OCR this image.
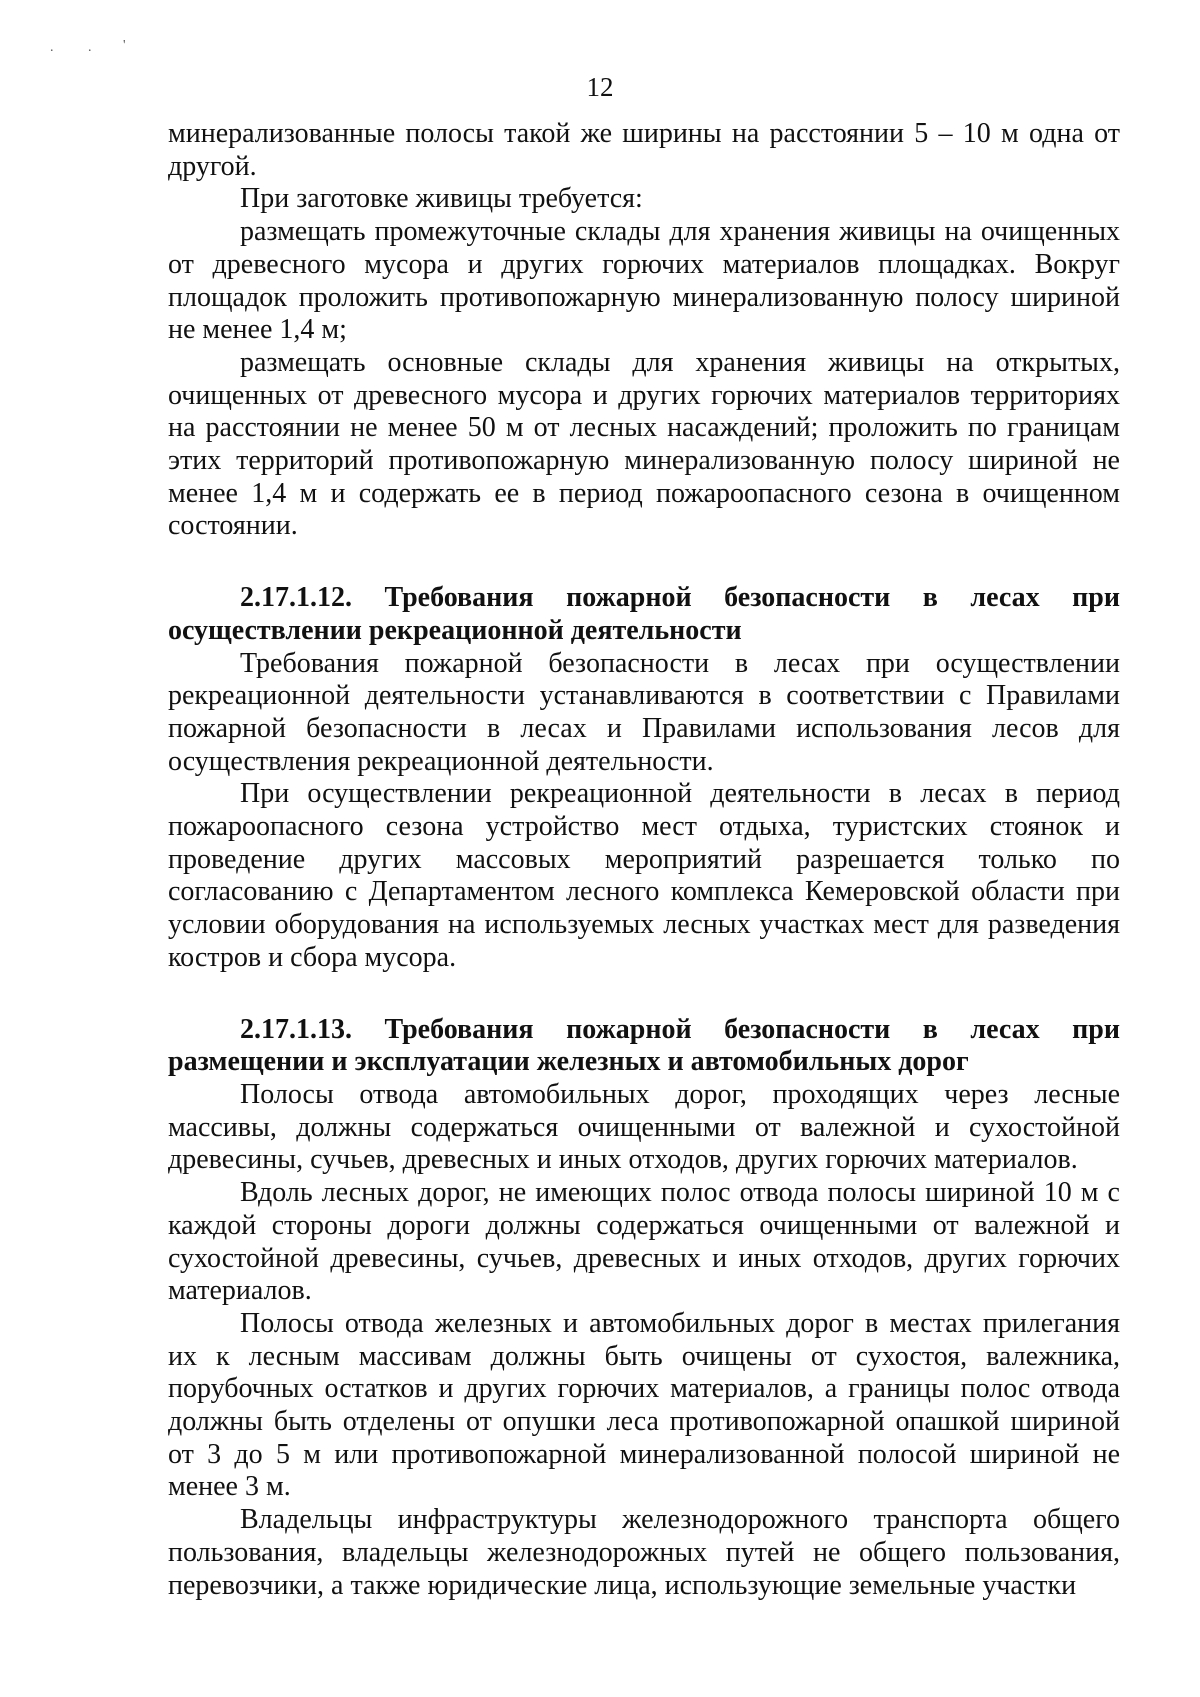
. . '
12

минерализованные полосы такой же ширины на расстоянии 5 – 10 м одна от другой.

При заготовке живицы требуется:

размещать промежуточные склады для хранения живицы на очищенных от древесного мусора и других горючих материалов площадках. Вокруг площадок проложить противопожарную минерализованную полосу шириной не менее 1,4 м;

размещать основные склады для хранения живицы на открытых, очищенных от древесного мусора и других горючих материалов территориях на расстоянии не менее 50 м от лесных насаждений; проложить по границам этих территорий противопожарную минерализованную полосу шириной не менее 1,4 м и содержать ее в период пожароопасного сезона в очищенном состоянии.

2.17.1.12. Требования пожарной безопасности в лесах при осуществлении рекреационной деятельности

Требования пожарной безопасности в лесах при осуществлении рекреационной деятельности устанавливаются в соответствии с Правилами пожарной безопасности в лесах и Правилами использования лесов для осуществления рекреационной деятельности.

При осуществлении рекреационной деятельности в лесах в период пожароопасного сезона устройство мест отдыха, туристских стоянок и проведение других массовых мероприятий разрешается только по согласованию с Департаментом лесного комплекса Кемеровской области при условии оборудования на используемых лесных участках мест для разведения костров и сбора мусора.

2.17.1.13. Требования пожарной безопасности в лесах при размещении и эксплуатации железных и автомобильных дорог

Полосы отвода автомобильных дорог, проходящих через лесные массивы, должны содержаться очищенными от валежной и сухостойной древесины, сучьев, древесных и иных отходов, других горючих материалов.

Вдоль лесных дорог, не имеющих полос отвода полосы шириной 10 м с каждой стороны дороги должны содержаться очищенными от валежной и сухостойной древесины, сучьев, древесных и иных отходов, других горючих материалов.

Полосы отвода железных и автомобильных дорог в местах прилегания их к лесным массивам должны быть очищены от сухостоя, валежника, порубочных остатков и других горючих материалов, а границы полос отвода должны быть отделены от опушки леса противопожарной опашкой шириной от 3 до 5 м или противопожарной минерализованной полосой шириной не менее 3 м.

Владельцы инфраструктуры железнодорожного транспорта общего пользования, владельцы железнодорожных путей не общего пользования, перевозчики, а также юридические лица, использующие земельные участки
